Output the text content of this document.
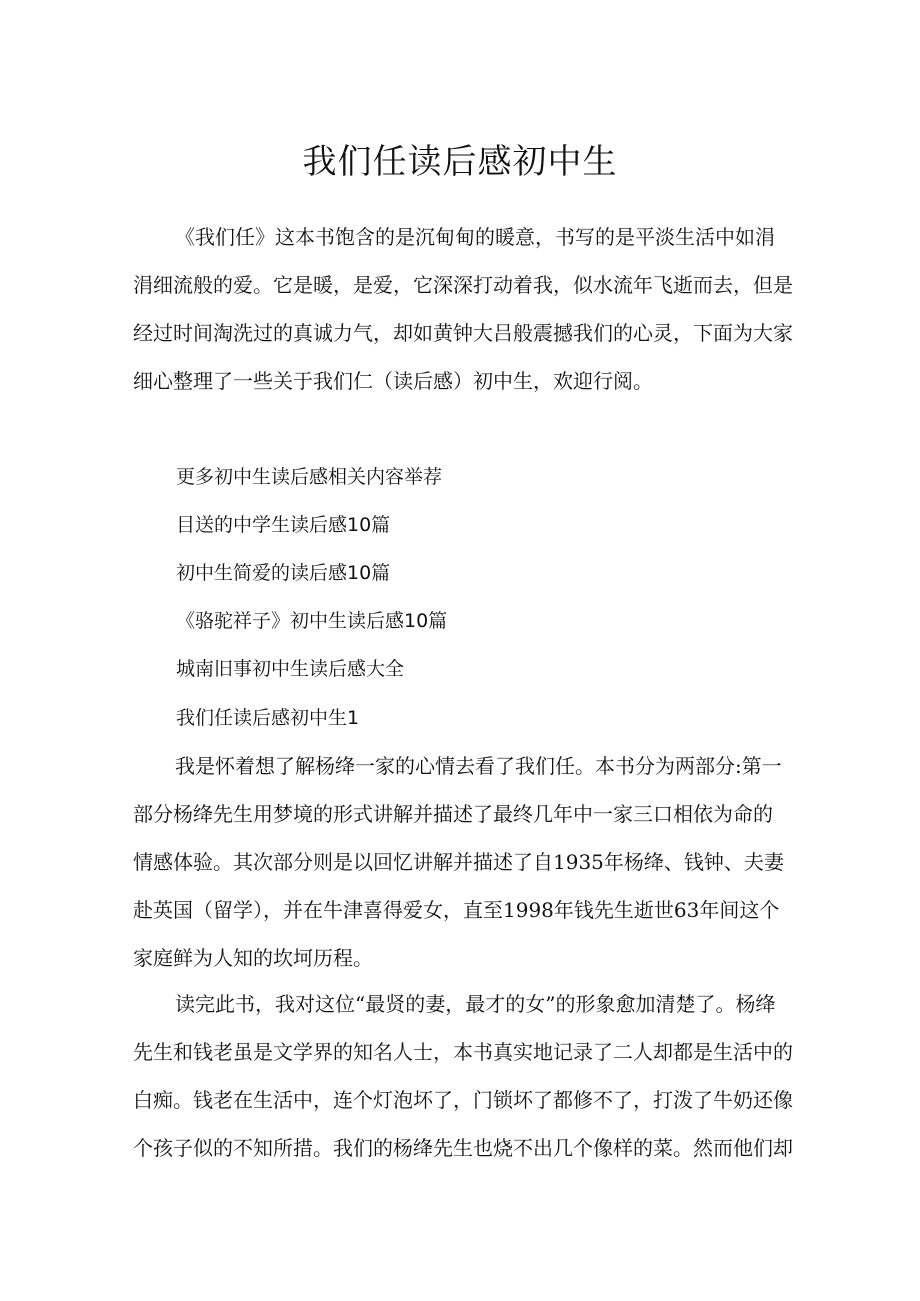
我们任读后感初中生

《我们任》这本书饱含的是沉甸甸的暖意，书写的是平淡生活中如涓
涓细流般的爱。它是暖，是爱，它深深打动着我，似水流年飞逝而去，但是
经过时间淘洗过的真诚力气，却如黄钟大吕般震撼我们的心灵，下面为大家
细心整理了一些关于我们仁（读后感）初中生，欢迎行阅。

更多初中生读后感相关内容举荐
目送的中学生读后感10篇
初中生简爱的读后感10篇
《骆驼祥子》初中生读后感10篇
城南旧事初中生读后感大全
我们任读后感初中生1

我是怀着想了解杨绛一家的心情去看了我们任。本书分为两部分:第一
部分杨绛先生用梦境的形式讲解并描述了最终几年中一家三口相依为命的
情感体验。其次部分则是以回忆讲解并描述了自1935年杨绛、钱钟、夫妻
赴英国（留学），并在牛津喜得爱女，直至1998年钱先生逝世63年间这个
家庭鲜为人知的坎坷历程。

读完此书，我对这位“最贤的妻，最才的女”的形象愈加清楚了。杨绛
先生和钱老虽是文学界的知名人士，本书真实地记录了二人却都是生活中的
白痴。钱老在生活中，连个灯泡坏了，门锁坏了都修不了，打泼了牛奶还像
个孩子似的不知所措。我们的杨绛先生也烧不出几个像样的菜。然而他们却
